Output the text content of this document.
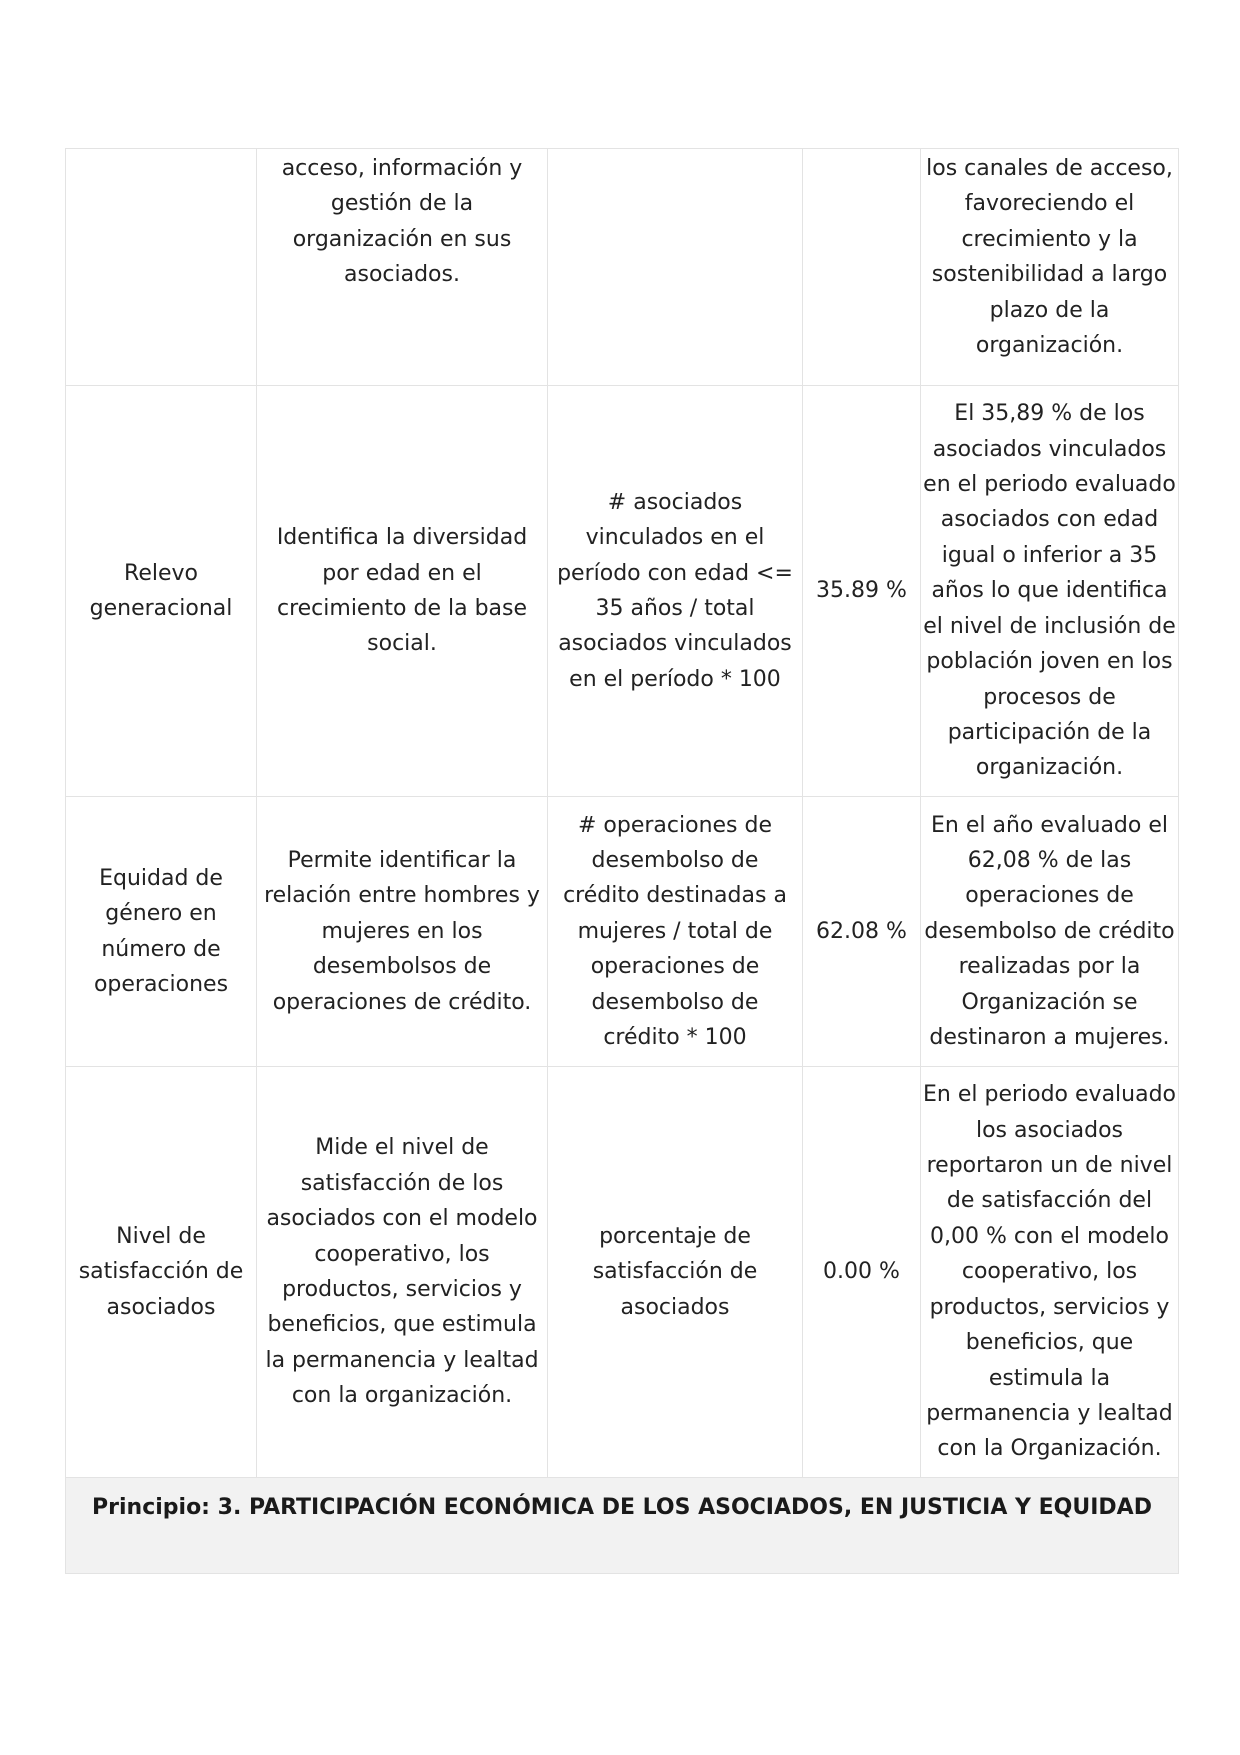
	acceso, información y gestión de la organización en sus asociados.			los canales de acceso, favoreciendo el crecimiento y la sostenibilidad a largo plazo de la organización.

Relevo generacional	Identifica la diversidad por edad en el crecimiento de la base social.	# asociados vinculados en el período con edad <= 35 años / total asociados vinculados en el período * 100	35.89 %	El 35,89 % de los asociados vinculados en el periodo evaluado asociados con edad igual o inferior a 35 años lo que identifica el nivel de inclusión de población joven en los procesos de participación de la organización.
Equidad de género en número de operaciones	Permite identificar la relación entre hombres y mujeres en los desembolsos de operaciones de crédito.	# operaciones de desembolso de crédito destinadas a mujeres / total de operaciones de desembolso de crédito * 100	62.08 %	En el año evaluado el 62,08 % de las operaciones de desembolso de crédito realizadas por la Organización se destinaron a mujeres.
Nivel de satisfacción de asociados	Mide el nivel de satisfacción de los asociados con el modelo cooperativo, los productos, servicios y beneficios, que estimula la permanencia y lealtad con la organización.	porcentaje de satisfacción de asociados	0.00 %	En el periodo evaluado los asociados reportaron un de nivel de satisfacción del 0,00 % con el modelo cooperativo, los productos, servicios y beneficios, que estimula la permanencia y lealtad con la Organización.
Principio: 3. PARTICIPACIÓN ECONÓMICA DE LOS ASOCIADOS, EN JUSTICIA Y EQUIDAD				
